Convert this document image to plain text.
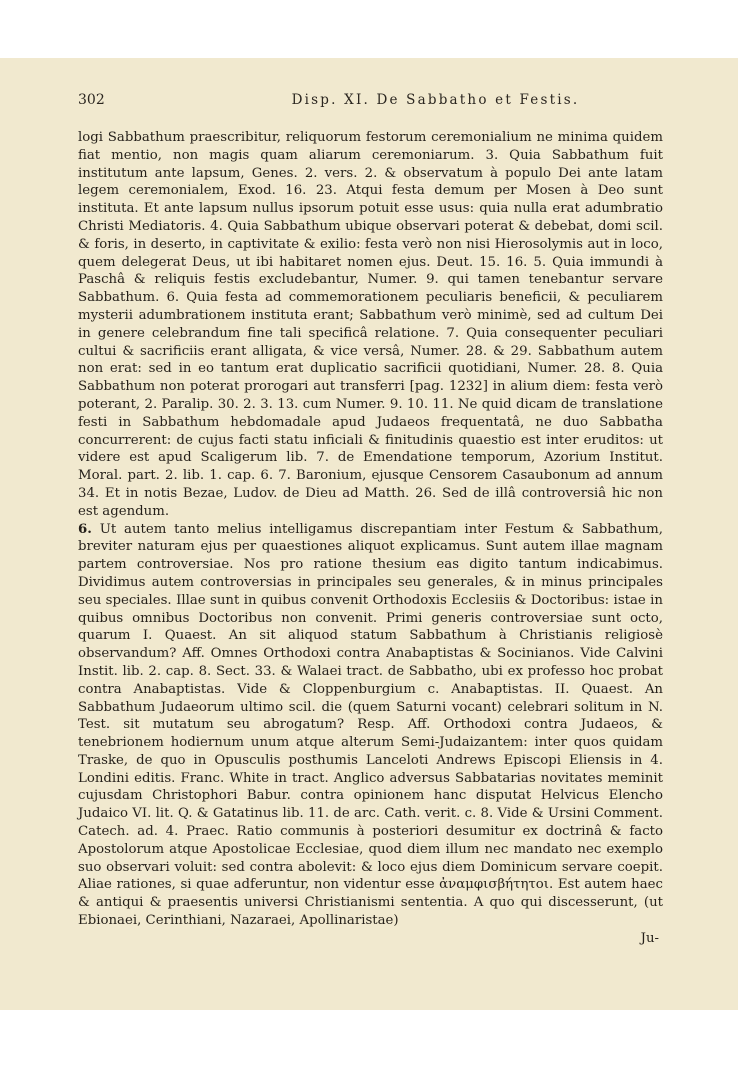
302	Disp. XI. De Sabbatho et Festis.

logi Sabbathum praescribitur, reliquorum festorum ceremonialium ne minima quidem fiat mentio, non magis quam aliarum ceremoniarum. 3. Quia Sabbathum fuit institutum ante lapsum, Genes. 2. vers. 2. & observatum à populo Dei ante latam legem ceremonialem, Exod. 16. 23. Atqui festa demum per Mosen à Deo sunt instituta. Et ante lapsum nullus ipsorum potuit esse usus: quia nulla erat adumbratio Christi Mediatoris. 4. Quia Sabbathum ubique observari poterat & debebat, domi scil. & foris, in deserto, in captivitate & exilio: festa verò non nisi Hierosolymis aut in loco, quem delegerat Deus, ut ibi habitaret nomen ejus. Deut. 15. 16. 5. Quia immundi à Paschâ & reliquis festis excludebantur, Numer. 9. qui tamen tenebantur servare Sabbathum. 6. Quia festa ad commemorationem peculiaris beneficii, & peculiarem mysterii adumbrationem instituta erant; Sabbathum verò minimè, sed ad cultum Dei in genere celebrandum fine tali specificâ relatione. 7. Quia consequenter peculiari cultui & sacrificiis erant alligata, & vice versâ, Numer. 28. & 29. Sabbathum autem non erat: sed in eo tantum erat duplicatio sacrificii quotidiani, Numer. 28. 8. Quia Sabbathum non poterat prorogari aut transferri [pag. 1232] in alium diem: festa verò poterant, 2. Paralip. 30. 2. 3. 13. cum Numer. 9. 10. 11. Ne quid dicam de translatione festi in Sabbathum hebdomadale apud Judaeos frequentatâ, ne duo Sabbatha concurrerent: de cujus facti statu inficiali & finitudinis quaestio est inter eruditos: ut videre est apud Scaligerum lib. 7. de Emendatione temporum, Azorium Institut. Moral. part. 2. lib. 1. cap. 6. 7. Baronium, ejusque Censorem Casaubonum ad annum 34. Et in notis Bezae, Ludov. de Dieu ad Matth. 26. Sed de illâ controversiâ hic non est agendum.

6. Ut autem tanto melius intelligamus discrepantiam inter Festum & Sabbathum, breviter naturam ejus per quaestiones aliquot explicamus. Sunt autem illae magnam partem controversiae. Nos pro ratione thesium eas digito tantum indicabimus. Dividimus autem controversias in principales seu generales, & in minus principales seu speciales. Illae sunt in quibus convenit Orthodoxis Ecclesiis & Doctoribus: istae in quibus omnibus Doctoribus non convenit. Primi generis controversiae sunt octo, quarum I. Quaest. An sit aliquod statum Sabbathum à Christianis religiosè observandum? Aff. Omnes Orthodoxi contra Anabaptistas & Socinianos. Vide Calvini Instit. lib. 2. cap. 8. Sect. 33. & Walaei tract. de Sabbatho, ubi ex professo hoc probat contra Anabaptistas. Vide & Cloppenburgium c. Anabaptistas. II. Quaest. An Sabbathum Judaeorum ultimo scil. die (quem Saturni vocant) celebrari solitum in N. Test. sit mutatum seu abrogatum? Resp. Aff. Orthodoxi contra Judaeos, & tenebrionem hodiernum unum atque alterum Semi-Judaizantem: inter quos quidam Traske, de quo in Opusculis posthumis Lanceloti Andrews Episcopi Eliensis in 4. Londini editis. Franc. White in tract. Anglico adversus Sabbatarias novitates meminit cujusdam Christophori Babur. contra opinionem hanc disputat Helvicus Elencho Judaico VI. lit. Q. & Gatatinus lib. 11. de arc. Cath. verit. c. 8. Vide & Ursini Comment. Catech. ad. 4. Praec. Ratio communis à posteriori desumitur ex doctrinâ & facto Apostolorum atque Apostolicae Ecclesiae, quod diem illum nec mandato nec exemplo suo observari voluit: sed contra abolevit: & loco ejus diem Dominicum servare coepit. Aliae rationes, si quae adferuntur, non videntur esse ἀναμφισβήτητοι. Est autem haec & antiqui & praesentis universi Christianismi sententia. A quo qui discesserunt, (ut Ebionaei, Cerinthiani, Nazaraei, Apollinaristae)

Ju-
